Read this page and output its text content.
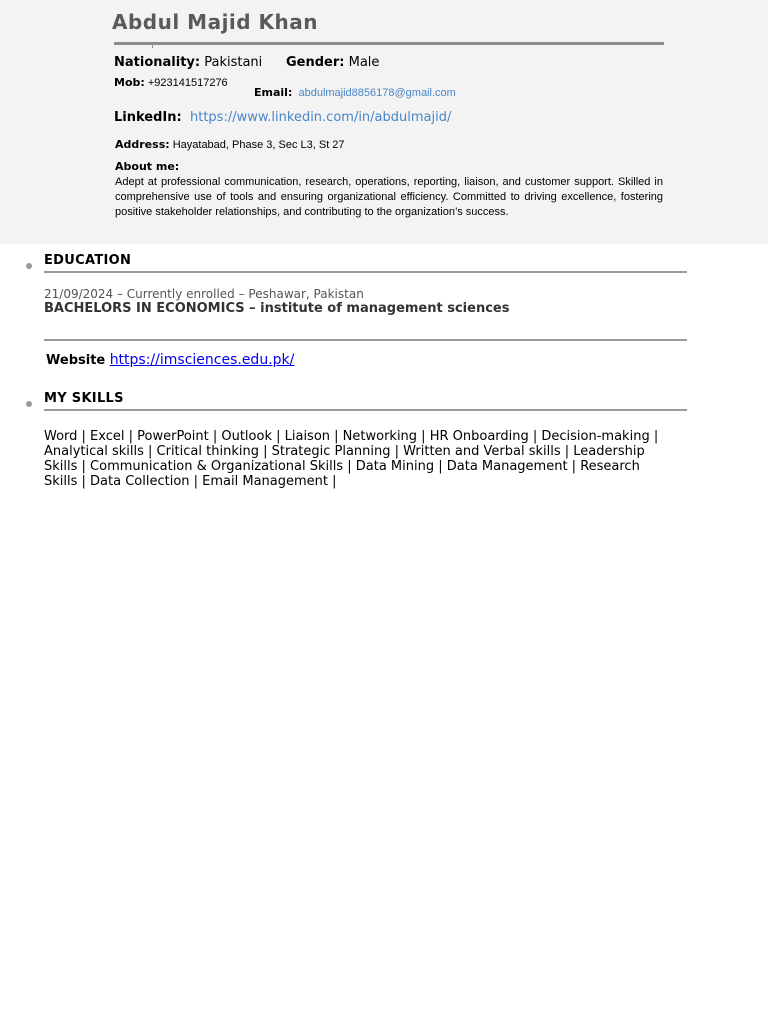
Abdul Majid Khan
Nationality: Pakistani Gender: Male
Mob: +923141517276
Email: abdulmajid8856178@gmail.com
LinkedIn: https://www.linkedin.com/in/abdulmajid/
Address: Hayatabad, Phase 3, Sec L3, St 27
About me:
Adept at professional communication, research, operations, reporting, liaison, and customer support. Skilled in comprehensive use of tools and ensuring organizational efficiency. Committed to driving excellence, fostering positive stakeholder relationships, and contributing to the organization’s success.
EDUCATION
21/09/2024 – Currently enrolled – Peshawar, Pakistan
BACHELORS IN ECONOMICS – institute of management sciences
Website https://imsciences.edu.pk/
MY SKILLS
Word | Excel | PowerPoint | Outlook | Liaison | Networking | HR Onboarding | Decision-making | Analytical skills | Critical thinking | Strategic Planning | Written and Verbal skills | Leadership Skills | Communication & Organizational Skills | Data Mining | Data Management | Research Skills | Data Collection | Email Management |
